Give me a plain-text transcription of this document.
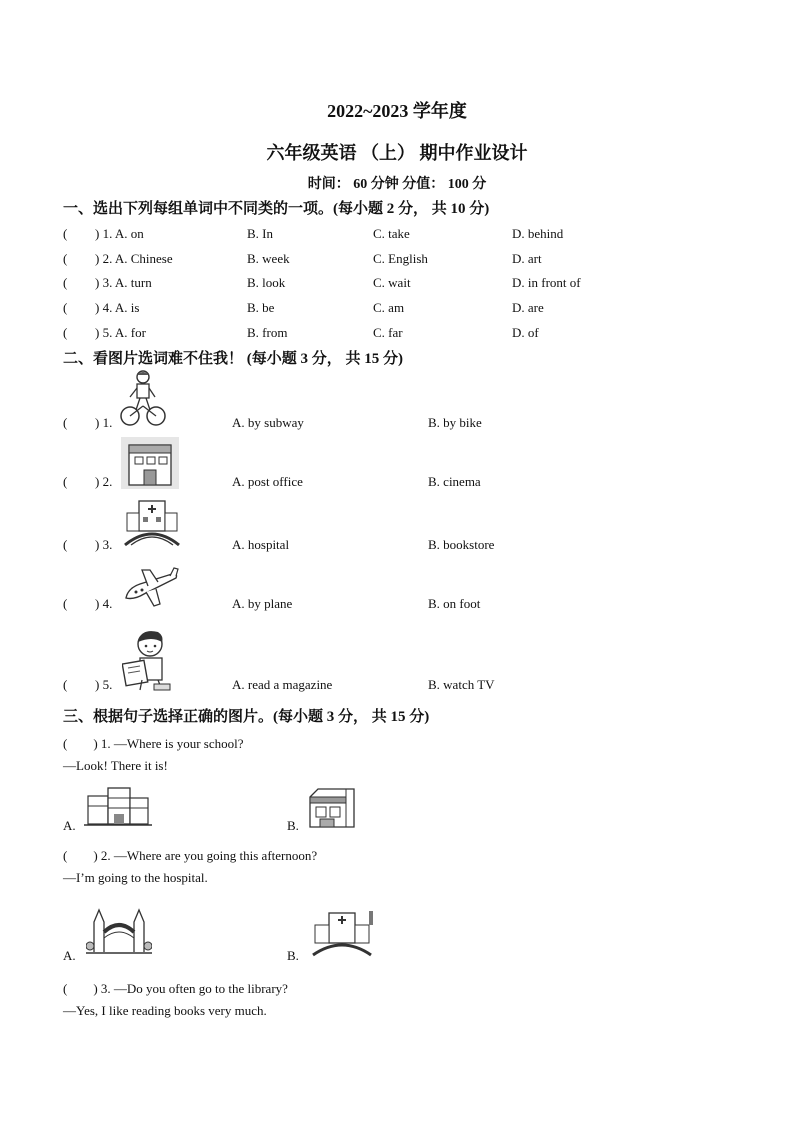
2022~2023 学年度
六年级英语 （上） 期中作业设计
时间： 60 分钟 分值： 100 分
一、选出下列每组单词中不同类的一项。(每小题 2 分， 共 10 分)
( ) 1. A. on	B. In	C. take	D. behind
( ) 2. A. Chinese	B. week	C. English	D. art
( ) 3. A. turn	B. look	C. wait	D. in front of
( ) 4. A. is	B. be	C. am	D. are
( ) 5. A. for	B. from	C. far	D. of
二、看图片选词难不住我！ (每小题 3 分， 共 15 分)
( ) 1.	A. by subway	B. by bike
( ) 2.	A. post office	B. cinema
( ) 3.	A. hospital	B. bookstore
( ) 4.	A. by plane	B. on foot
( ) 5.	A. read a magazine	B. watch TV
三、根据句子选择正确的图片。(每小题 3 分， 共 15 分)
(　　) 1. —Where is your school?
—Look! There it is!
A.	B.
(　　) 2. —Where are you going this afternoon?
—I’m going to the hospital.
A.	B.
(　　) 3. —Do you often go to the library?
—Yes, I like reading books very much.
